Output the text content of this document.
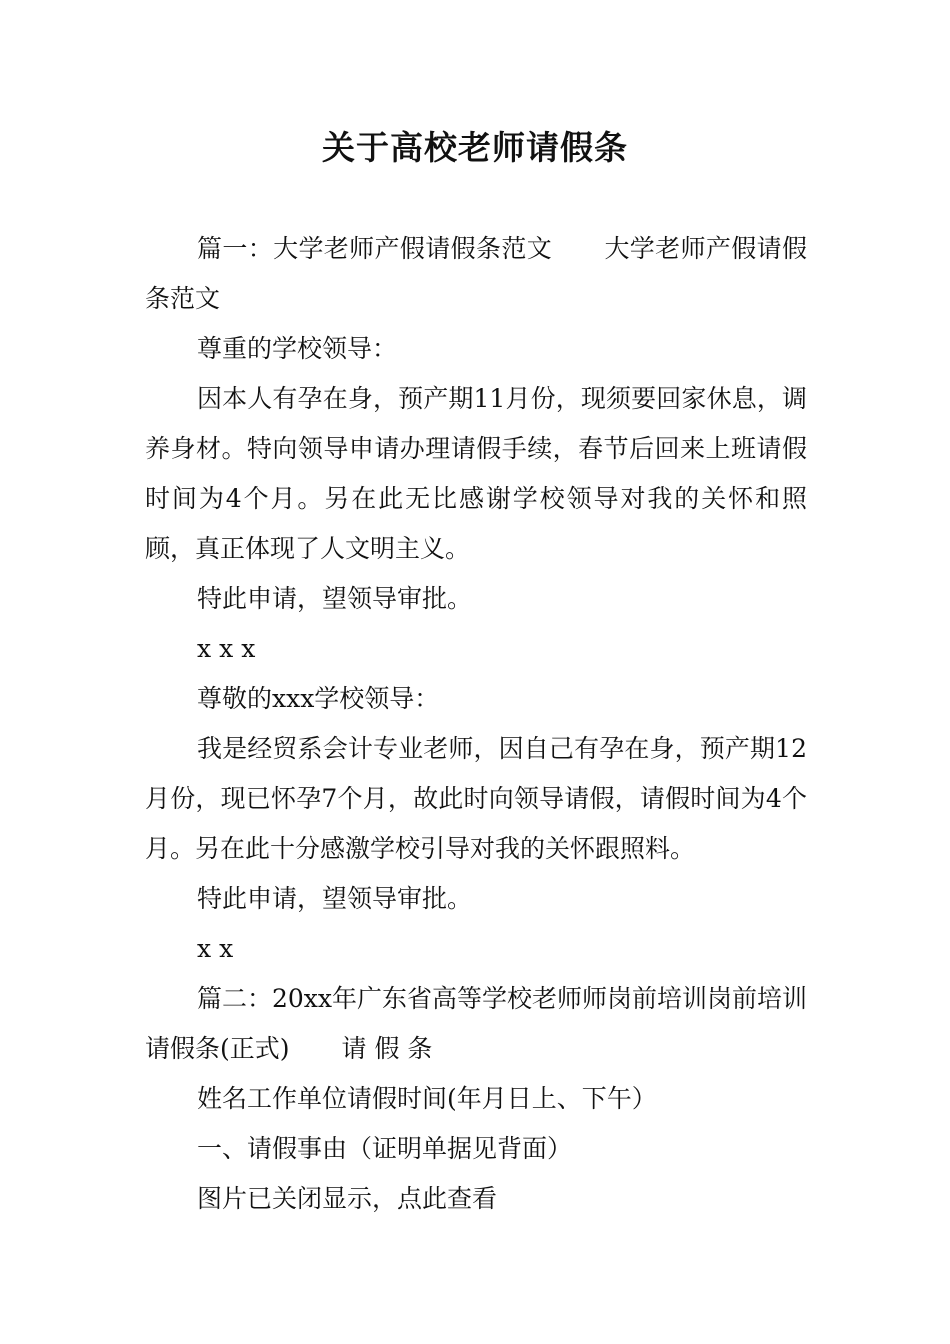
关于高校老师请假条

篇一：大学老师产假请假条范文 大学老师产假请假条范文

尊重的学校领导：

因本人有孕在身，预产期11月份，现须要回家休息，调养身材。特向领导申请办理请假手续，春节后回来上班请假时间为4个月。另在此无比感谢学校领导对我的关怀和照顾，真正体现了人文明主义。

特此申请，望领导审批。

xxx

尊敬的xxx学校领导：

我是经贸系会计专业老师，因自己有孕在身，预产期12月份，现已怀孕7个月，故此时向领导请假，请假时间为4个月。另在此十分感激学校引导对我的关怀跟照料。

特此申请，望领导审批。

xx

篇二：20xx年广东省高等学校老师师岗前培训岗前培训请假条(正式) 请 假 条

姓名工作单位请假时间(年月日上、下午）

一、请假事由（证明单据见背面）

图片已关闭显示，点此查看
